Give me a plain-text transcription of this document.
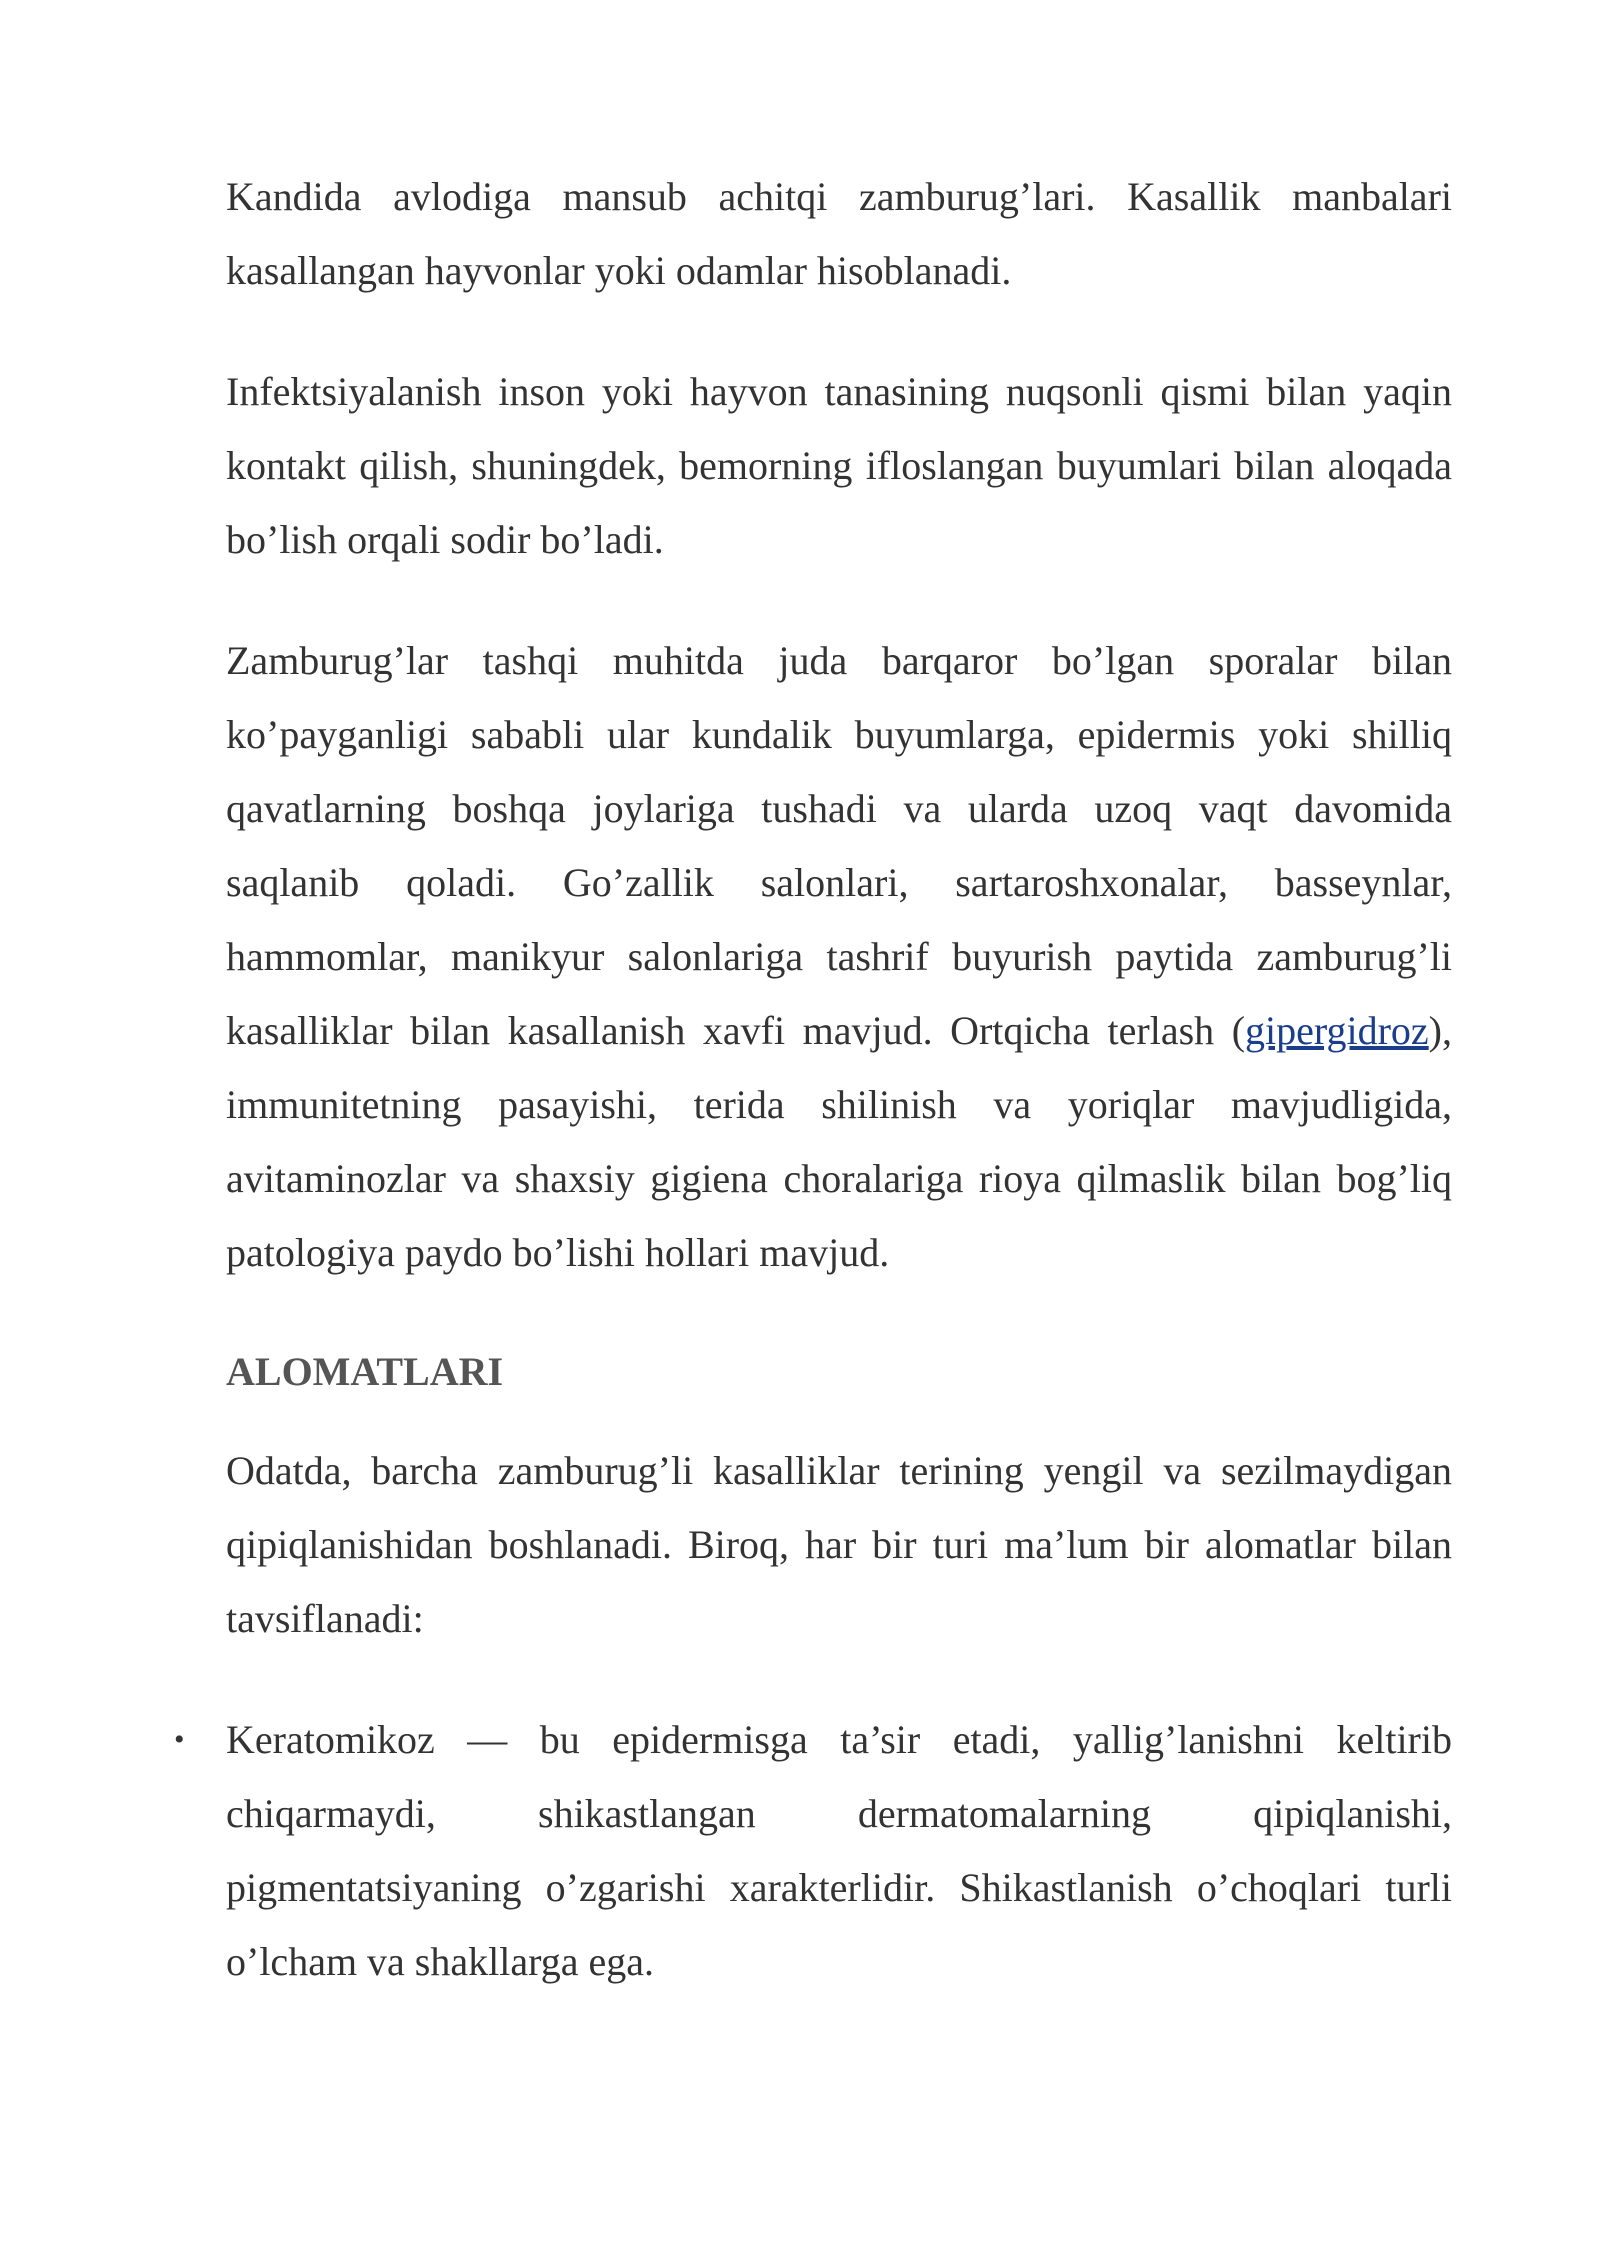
Kandida avlodiga mansub achitqi zamburug’lari. Kasallik manbalari kasallangan hayvonlar yoki odamlar hisoblanadi.

Infektsiyalanish inson yoki hayvon tanasining nuqsonli qismi bilan yaqin kontakt qilish, shuningdek, bemorning ifloslangan buyumlari bilan aloqada bo’lish orqali sodir bo’ladi.

Zamburug’lar tashqi muhitda juda barqaror bo’lgan sporalar bilan ko’payganligi sababli ular kundalik buyumlarga, epidermis yoki shilliq qavatlarning boshqa joylariga tushadi va ularda uzoq vaqt davomida saqlanib qoladi. Go’zallik salonlari, sartaroshxonalar, basseynlar, hammomlar, manikyur salonlariga tashrif buyurish paytida zamburug’li kasalliklar bilan kasallanish xavfi mavjud. Ortqicha terlash (gipergidroz), immunitetning pasayishi, terida shilinish va yoriqlar mavjudligida, avitaminozlar va shaxsiy gigiena choralariga rioya qilmaslik bilan bog’liq patologiya paydo bo’lishi hollari mavjud.

ALOMATLARI

Odatda, barcha zamburug’li kasalliklar terining yengil va sezilmaydigan qipiqlanishidan boshlanadi. Biroq, har bir turi ma’lum bir alomatlar bilan tavsiflanadi:

• Keratomikoz — bu epidermisga ta’sir etadi, yallig’lanishni keltirib chiqarmaydi, shikastlangan dermatomalarning qipiqlanishi, pigmentatsiyaning o’zgarishi xarakterlidir. Shikastlanish o’choqlari turli o’lcham va shakllarga ega.
